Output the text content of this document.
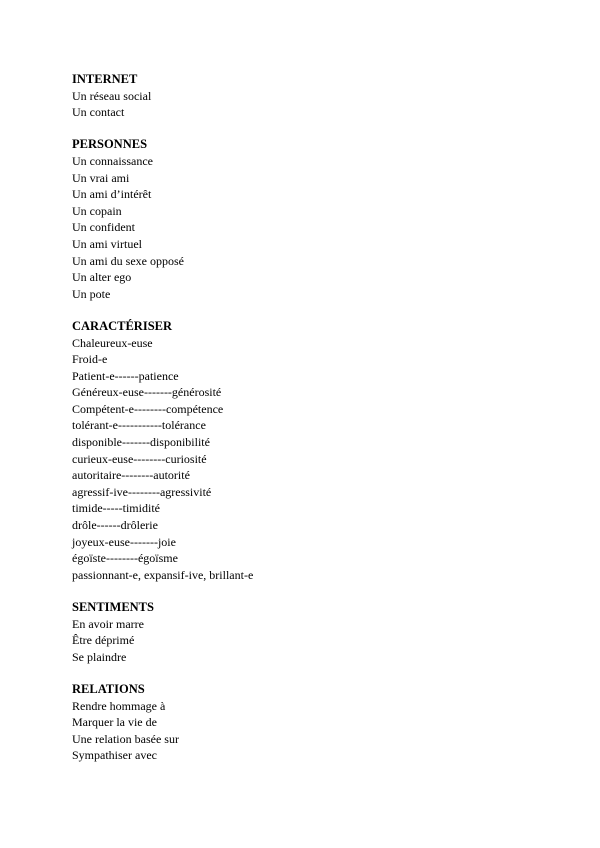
INTERNET
Un réseau social
Un contact
PERSONNES
Un connaissance
Un vrai ami
Un ami d’intérêt
Un copain
Un confident
Un ami virtuel
Un ami du sexe opposé
Un alter ego
Un pote
CARACTÉRISER
Chaleureux-euse
Froid-e
Patient-e------patience
Généreux-euse-------générosité
Compétent-e--------compétence
tolérant-e-----------tolérance
disponible-------disponibilité
curieux-euse--------curiosité
autoritaire--------autorité
agressif-ive--------agressivité
timide-----timidité
drôle------drôlerie
joyeux-euse-------joie
égoïste--------égoïsme
passionnant-e, expansif-ive, brillant-e
SENTIMENTS
En avoir marre
Être déprimé
Se plaindre
RELATIONS
Rendre hommage à
Marquer la vie de
Une relation basée sur
Sympathiser avec
